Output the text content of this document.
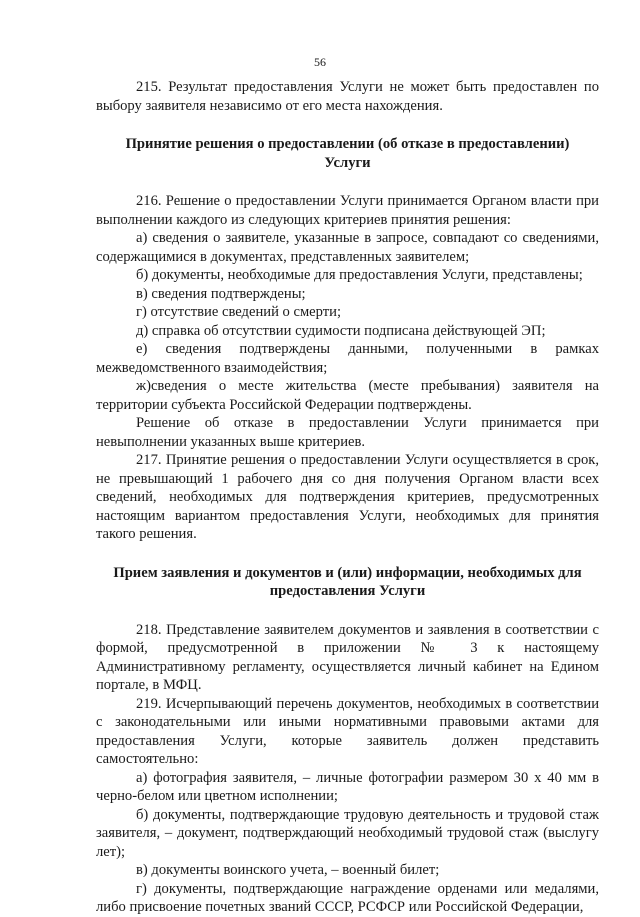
56

215. Результат предоставления Услуги не может быть предоставлен по выбору заявителя независимо от его места нахождения.

Принятие решения о предоставлении (об отказе в предоставлении) Услуги

216. Решение о предоставлении Услуги принимается Органом власти при выполнении каждого из следующих критериев принятия решения:

а) сведения о заявителе, указанные в запросе, совпадают со сведениями, содержащимися в документах, представленных заявителем;

б) документы, необходимые для предоставления Услуги, представлены;

в) сведения подтверждены;

г) отсутствие сведений о смерти;

д) справка об отсутствии судимости подписана действующей ЭП;

е) сведения подтверждены данными, полученными в рамках межведомственного взаимодействия;

ж)сведения о месте жительства (месте пребывания) заявителя на территории субъекта Российской Федерации подтверждены.

Решение об отказе в предоставлении Услуги принимается при невыполнении указанных выше критериев.

217. Принятие решения о предоставлении Услуги осуществляется в срок, не превышающий 1 рабочего дня со дня получения Органом власти всех сведений, необходимых для подтверждения критериев, предусмотренных настоящим вариантом предоставления Услуги, необходимых для принятия такого решения.

Прием заявления и документов и (или) информации, необходимых для предоставления Услуги

218. Представление заявителем документов и заявления в соответствии с формой, предусмотренной в приложении № 3 к настоящему Административному регламенту, осуществляется личный кабинет на Едином портале, в МФЦ.

219. Исчерпывающий перечень документов, необходимых в соответствии с законодательными или иными нормативными правовыми актами для предоставления Услуги, которые заявитель должен представить самостоятельно:

а) фотография заявителя, – личные фотографии размером 30 х 40 мм в черно-белом или цветном исполнении;

б) документы, подтверждающие трудовую деятельность и трудовой стаж заявителя, – документ, подтверждающий необходимый трудовой стаж (выслугу лет);

в) документы воинского учета, – военный билет;

г) документы, подтверждающие награждение орденами или медалями, либо присвоение почетных званий СССР, РСФСР или Российской Федерации,
